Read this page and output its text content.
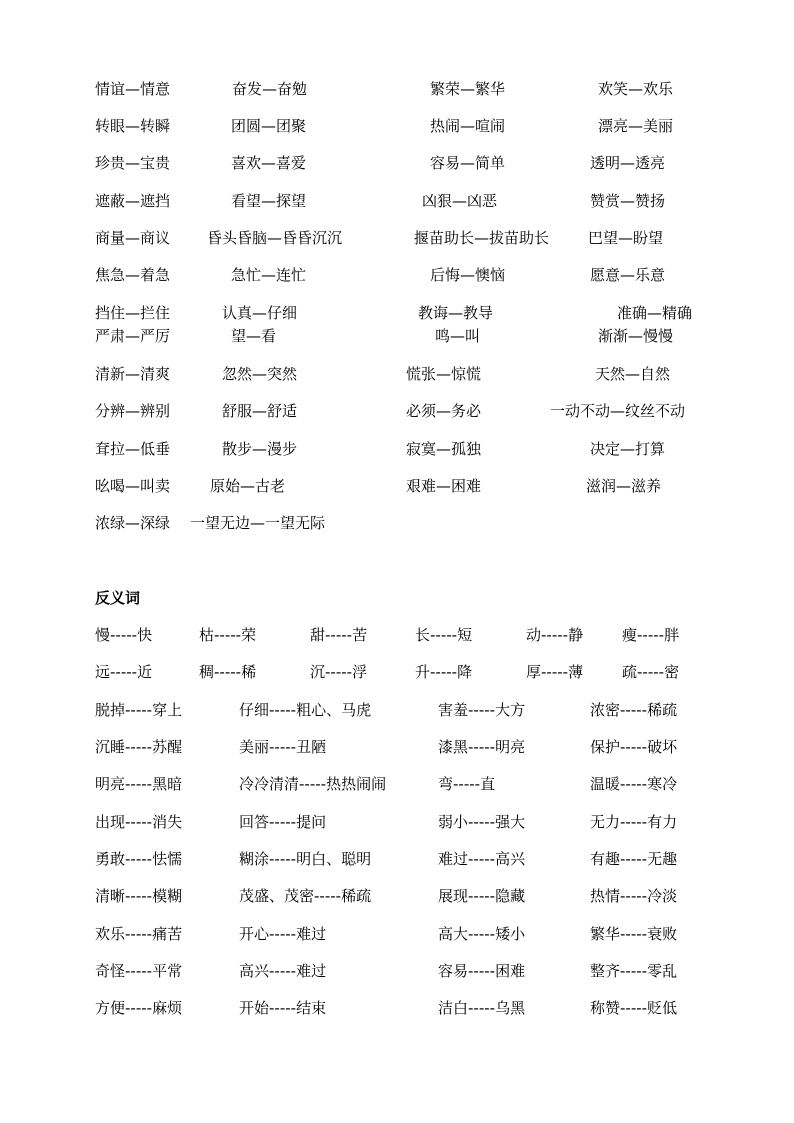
情谊—情意	奋发—奋勉	繁荣—繁华	欢笑—欢乐
转眼—转瞬	团圆—团聚	热闹—喧闹	漂亮—美丽
珍贵—宝贵	喜欢—喜爱	容易—简单	透明—透亮
遮蔽—遮挡	看望—探望	凶狠—凶恶	赞赏—赞扬
商量—商议 昏头昏脑—昏昏沉沉	揠苗助长—拔苗助长	巴望—盼望
焦急—着急	急忙—连忙	后悔—懊恼	愿意—乐意
挡住—拦住	认真—仔细	教诲—教导	准确—精确
严肃—严厉	望—看	鸣—叫	渐渐—慢慢
清新—清爽	忽然—突然	慌张—惊慌	天然—自然
分辨—辨别	舒服—舒适	必须—务必	一动不动—纹丝不动
耷拉—低垂	散步—漫步	寂寞—孤独	决定—打算
吆喝—叫卖	原始—古老	艰难—困难	滋润—滋养
浓绿—深绿 一望无边—一望无际
反义词
慢-----快	枯-----荣	甜-----苦	长-----短	动-----静	瘦-----胖
远-----近	稠-----稀	沉-----浮	升-----降	厚-----薄	疏-----密
脱掉-----穿上	仔细-----粗心、马虎	害羞-----大方	浓密-----稀疏
沉睡-----苏醒	美丽-----丑陋	漆黑-----明亮	保护-----破坏
明亮-----黑暗	冷冷清清-----热热闹闹	弯-----直	温暖-----寒冷
出现-----消失	回答-----提问	弱小-----强大	无力-----有力
勇敢-----怯懦	糊涂-----明白、聪明	难过-----高兴	有趣-----无趣
清晰-----模糊	茂盛、茂密-----稀疏	展现-----隐藏	热情-----冷淡
欢乐-----痛苦	开心-----难过	高大-----矮小	繁华-----衰败
奇怪-----平常	高兴-----难过	容易-----困难	整齐-----零乱
方便-----麻烦	开始-----结束	洁白-----乌黑	称赞-----贬低
